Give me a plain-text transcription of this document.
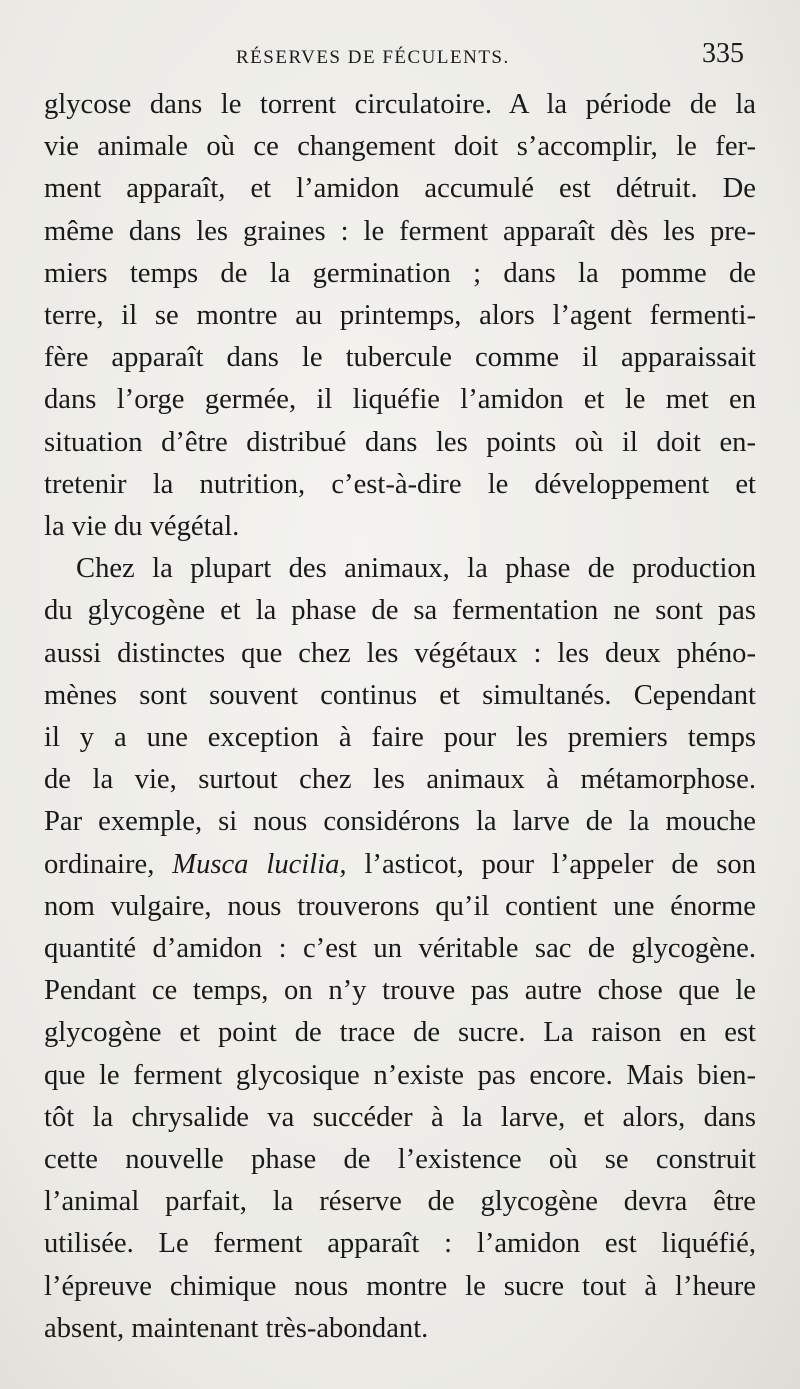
RÉSERVES DE FÉCULENTS.	335

glycose dans le torrent circulatoire. A la période de la
vie animale où ce changement doit s’accomplir, le fer-
ment apparaît, et l’amidon accumulé est détruit. De
même dans les graines : le ferment apparaît dès les pre-
miers temps de la germination ; dans la pomme de
terre, il se montre au printemps, alors l’agent fermenti-
fère apparaît dans le tubercule comme il apparaissait
dans l’orge germée, il liquéfie l’amidon et le met en
situation d’être distribué dans les points où il doit en-
tretenir la nutrition, c’est-à-dire le développement et
la vie du végétal.

Chez la plupart des animaux, la phase de production
du glycogène et la phase de sa fermentation ne sont pas
aussi distinctes que chez les végétaux : les deux phéno-
mènes sont souvent continus et simultanés. Cependant
il y a une exception à faire pour les premiers temps
de la vie, surtout chez les animaux à métamorphose.
Par exemple, si nous considérons la larve de la mouche
ordinaire, Musca lucilia, l’asticot, pour l’appeler de son
nom vulgaire, nous trouverons qu’il contient une énorme
quantité d’amidon : c’est un véritable sac de glycogène.
Pendant ce temps, on n’y trouve pas autre chose que le
glycogène et point de trace de sucre. La raison en est
que le ferment glycosique n’existe pas encore. Mais bien-
tôt la chrysalide va succéder à la larve, et alors, dans
cette nouvelle phase de l’existence où se construit
l’animal parfait, la réserve de glycogène devra être
utilisée. Le ferment apparaît : l’amidon est liquéfié,
l’épreuve chimique nous montre le sucre tout à l’heure
absent, maintenant très-abondant.
